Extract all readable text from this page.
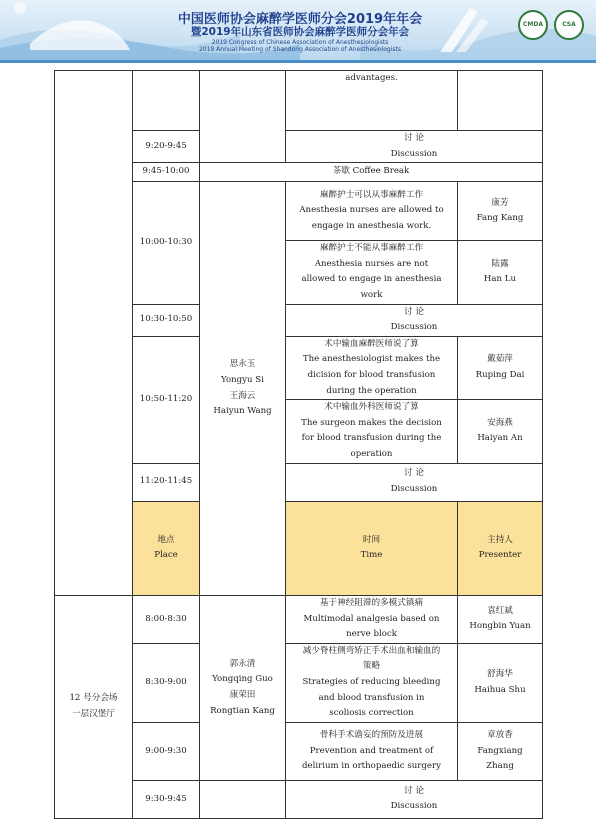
中国医师协会麻醉学医师分会2019年年会
暨2019年山东省医师协会麻醉学医师分会年会
2019 Congress of Chinese Association of Anesthesiologists
2019 Annual Meeting of Shandong Association of Anesthesiologists
CMDA	CSA
			advantages.		
	9:20-9:45		讨 论
Discussion		

	9:45-10:00	茶歇 Coffee Break			
	10:00-10:30	思永玉
Yongyu Si
王海云
Haiyun Wang	麻醉护士可以从事麻醉工作
Anesthesia nurses are allowed to
engage in anesthesia work.	康芳
Fang Kang	

			麻醉护士不能从事麻醉工作
Anesthesia nurses are not
allowed to engage in anesthesia
work	陆露
Han Lu	

	10:30-10:50		讨 论
Discussion		

	10:50-11:20		术中输血麻醉医师说了算
The anesthesiologist makes the
dicision for blood transfusion
during the operation	戴茹萍
Ruping Dai	

			术中输血外科医师说了算
The surgeon makes the decision
for blood transfusion during the
operation	安海燕
Haiyan An	

	11:20-11:45		讨 论
Discussion		

	地点
Place		时间
Time	主持人
Presenter

12 号分会场
一层汉堡厅	8:00-8:30	郭永清
Yongqing Guo
康荣田
Rongtian Kang	基于神经阻滞的多模式镇痛
Multimodal analgesia based on
nerve block	袁红斌
Hongbin Yuan	

	8:30-9:00		减少脊柱侧弯矫正手术出血和输血的
策略
Strategies of reducing bleeding
and blood transfusion in
scoliosis correction	舒海华
Haihua Shu	

	9:00-9:30		骨科手术谵妄的预防及进展
Prevention and treatment of
delirium in orthopaedic surgery	章放香
Fangxiang
Zhang	

	9:30-9:45		讨 论
Discussion		
